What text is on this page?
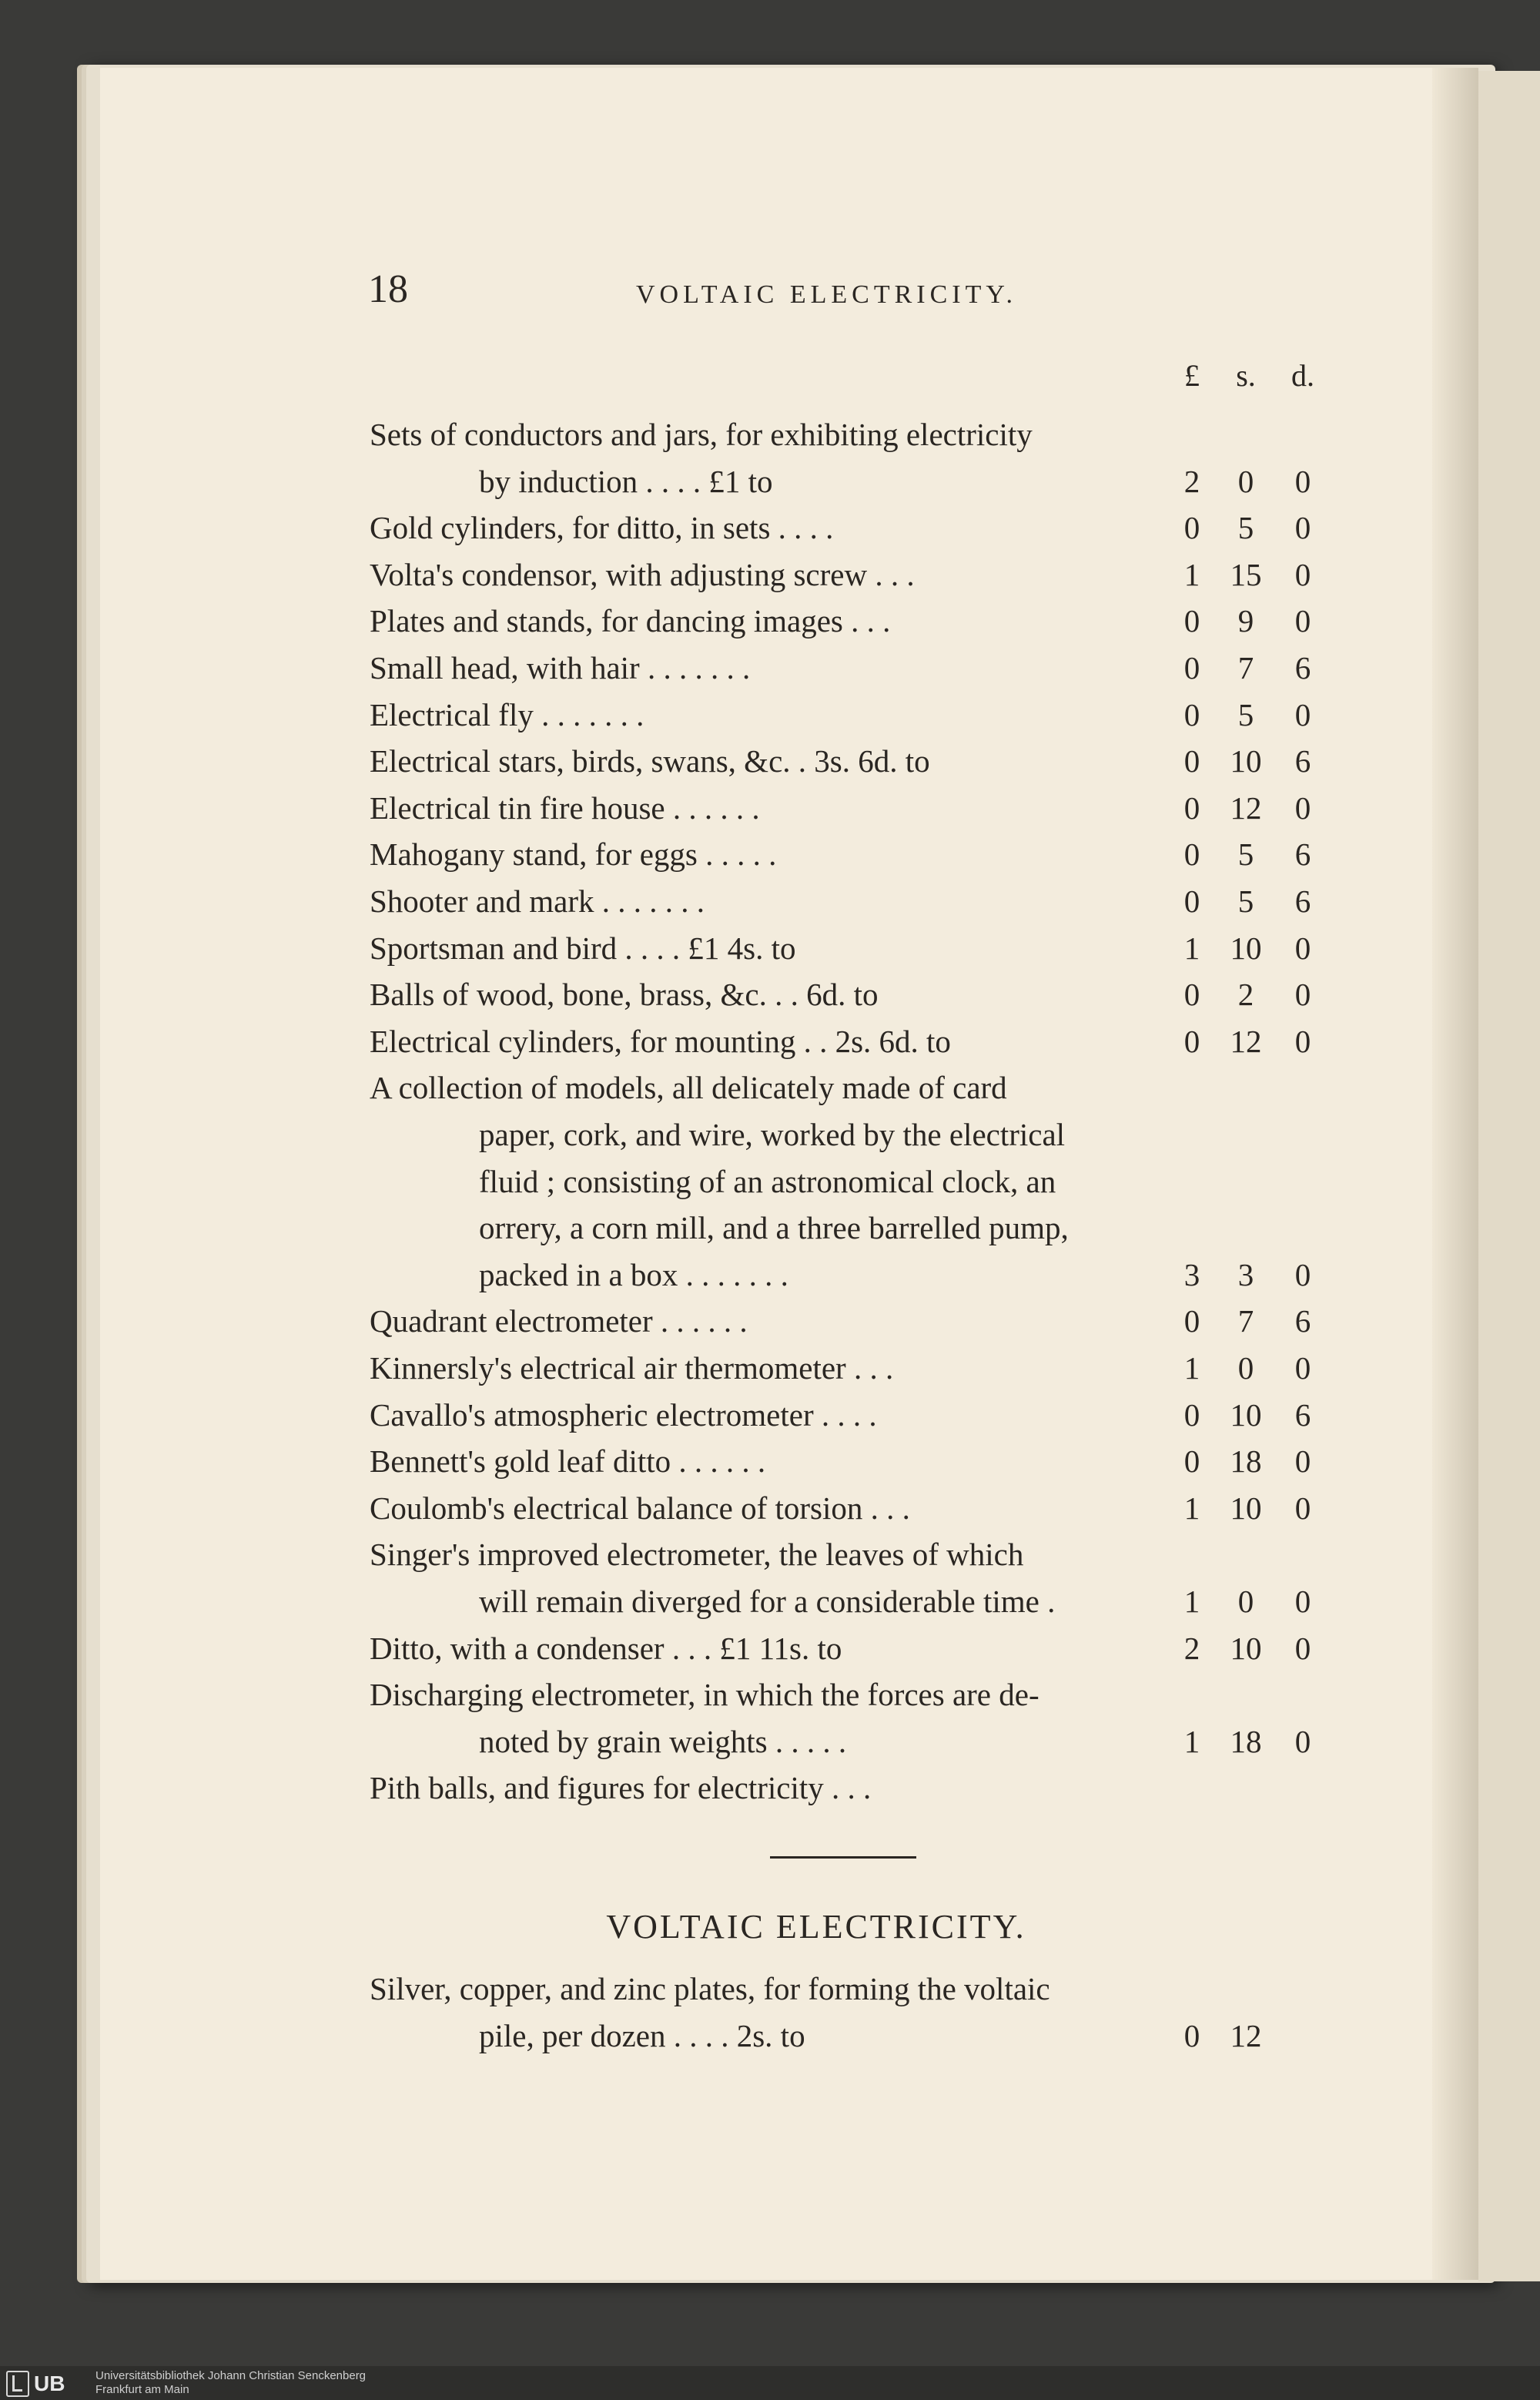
18	VOLTAIC ELECTRICITY.
£	s.	d.
Sets of conductors and jars, for exhibiting electricity
by induction . . . . £1 to	2	0	0
Gold cylinders, for ditto, in sets . . . .	0	5	0
Volta's condensor, with adjusting screw . . .	1 15	0
Plates and stands, for dancing images . . .	0	9	0
Small head, with hair . . . . . . .	0	7	6
Electrical fly . . . . . . .	0	5	0
Electrical stars, birds, swans, &c. . 3s. 6d. to	0 10	6
Electrical tin fire house . . . . . .	0 12	0
Mahogany stand, for eggs . . . . .	0	5	6
Shooter and mark . . . . . . .	0	5	6
Sportsman and bird . . . . £1 4s. to	1 10	0
Balls of wood, bone, brass, &c. . . 6d. to	0	2	0
Electrical cylinders, for mounting . . 2s. 6d. to	0 12	0
A collection of models, all delicately made of card
paper, cork, and wire, worked by the electrical
fluid ; consisting of an astronomical clock, an
orrery, a corn mill, and a three barrelled pump,
packed in a box . . . . . . .	3	3	0
Quadrant electrometer . . . . . .	0	7	6
Kinnersly's electrical air thermometer . . .	1	0	0
Cavallo's atmospheric electrometer . . . .	0 10	6
Bennett's gold leaf ditto . . . . . .	0 18	0
Coulomb's electrical balance of torsion . . .	1 10	0
Singer's improved electrometer, the leaves of which
will remain diverged for a considerable time .	1	0	0
Ditto, with a condenser . . . £1 11s. to	2 10	0
Discharging electrometer, in which the forces are de-
noted by grain weights . . . . .	1 18	0
Pith balls, and figures for electricity . . .
VOLTAIC ELECTRICITY.
Silver, copper, and zinc plates, for forming the voltaic
pile, per dozen . . . . 2s. to	0 12
UB	Universitätsbibliothek Johann Christian Senckenberg
Frankfurt am Main
